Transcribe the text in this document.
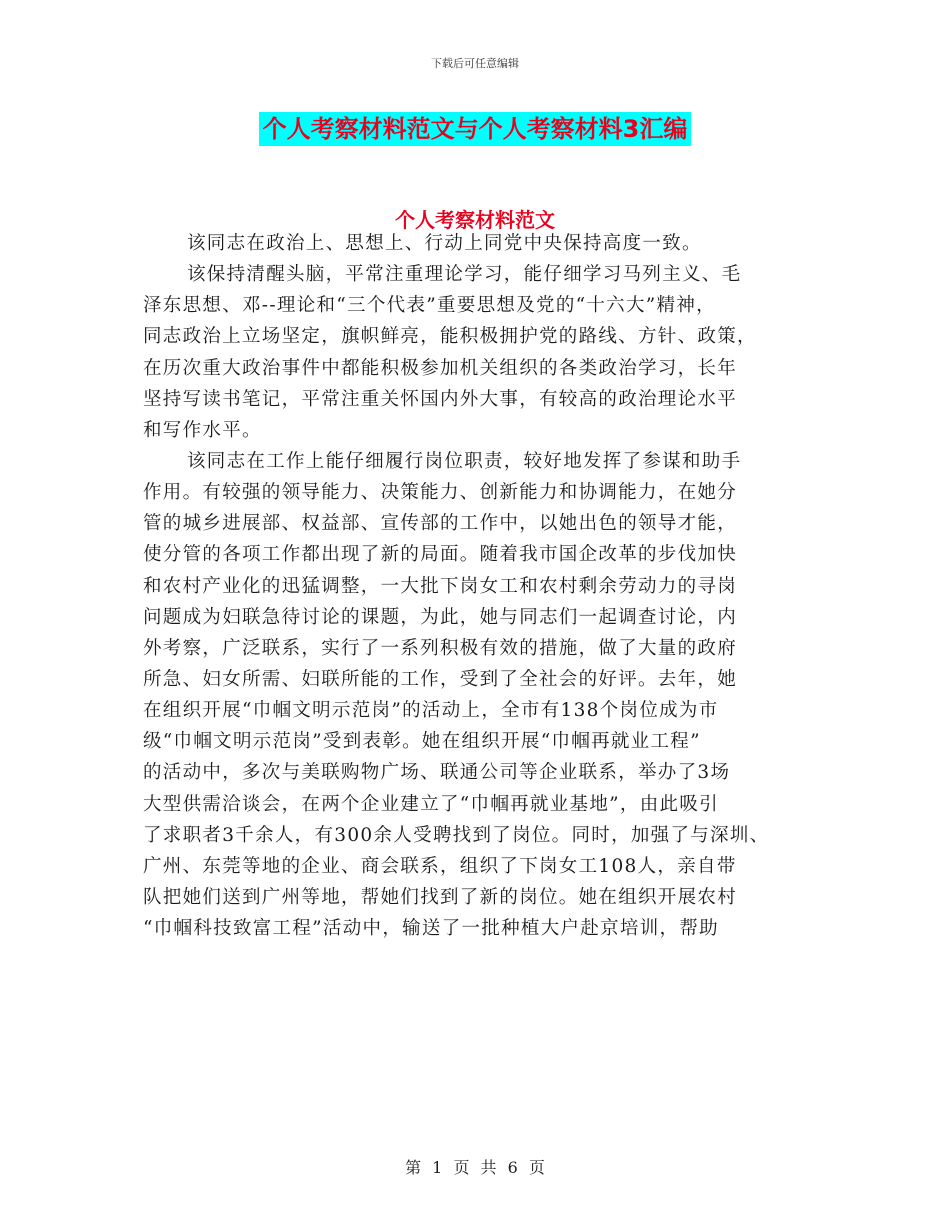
下载后可任意编辑
个人考察材料范文与个人考察材料3汇编
个人考察材料范文
该同志在政治上、思想上、行动上同党中央保持高度一致。
该保持清醒头脑，平常注重理论学习，能仔细学习马列主义、毛
泽东思想、邓--理论和“三个代表”重要思想及党的“十六大”精神，
同志政治上立场坚定，旗帜鲜亮，能积极拥护党的路线、方针、政策，
在历次重大政治事件中都能积极参加机关组织的各类政治学习，长年
坚持写读书笔记，平常注重关怀国内外大事，有较高的政治理论水平
和写作水平。
该同志在工作上能仔细履行岗位职责，较好地发挥了参谋和助手
作用。有较强的领导能力、决策能力、创新能力和协调能力，在她分
管的城乡进展部、权益部、宣传部的工作中，以她出色的领导才能，
使分管的各项工作都出现了新的局面。随着我市国企改革的步伐加快
和农村产业化的迅猛调整，一大批下岗女工和农村剩余劳动力的寻岗
问题成为妇联急待讨论的课题，为此，她与同志们一起调查讨论，内
外考察，广泛联系，实行了一系列积极有效的措施，做了大量的政府
所急、妇女所需、妇联所能的工作，受到了全社会的好评。去年，她
在组织开展“巾帼文明示范岗”的活动上，全市有138个岗位成为市
级“巾帼文明示范岗”受到表彰。她在组织开展“巾帼再就业工程”
的活动中，多次与美联购物广场、联通公司等企业联系，举办了3场
大型供需洽谈会，在两个企业建立了“巾帼再就业基地”，由此吸引
了求职者3千余人，有300余人受聘找到了岗位。同时，加强了与深圳、
广州、东莞等地的企业、商会联系，组织了下岗女工108人，亲自带
队把她们送到广州等地，帮她们找到了新的岗位。她在组织开展农村
“巾帼科技致富工程”活动中，输送了一批种植大户赴京培训，帮助
第 1 页 共 6 页
